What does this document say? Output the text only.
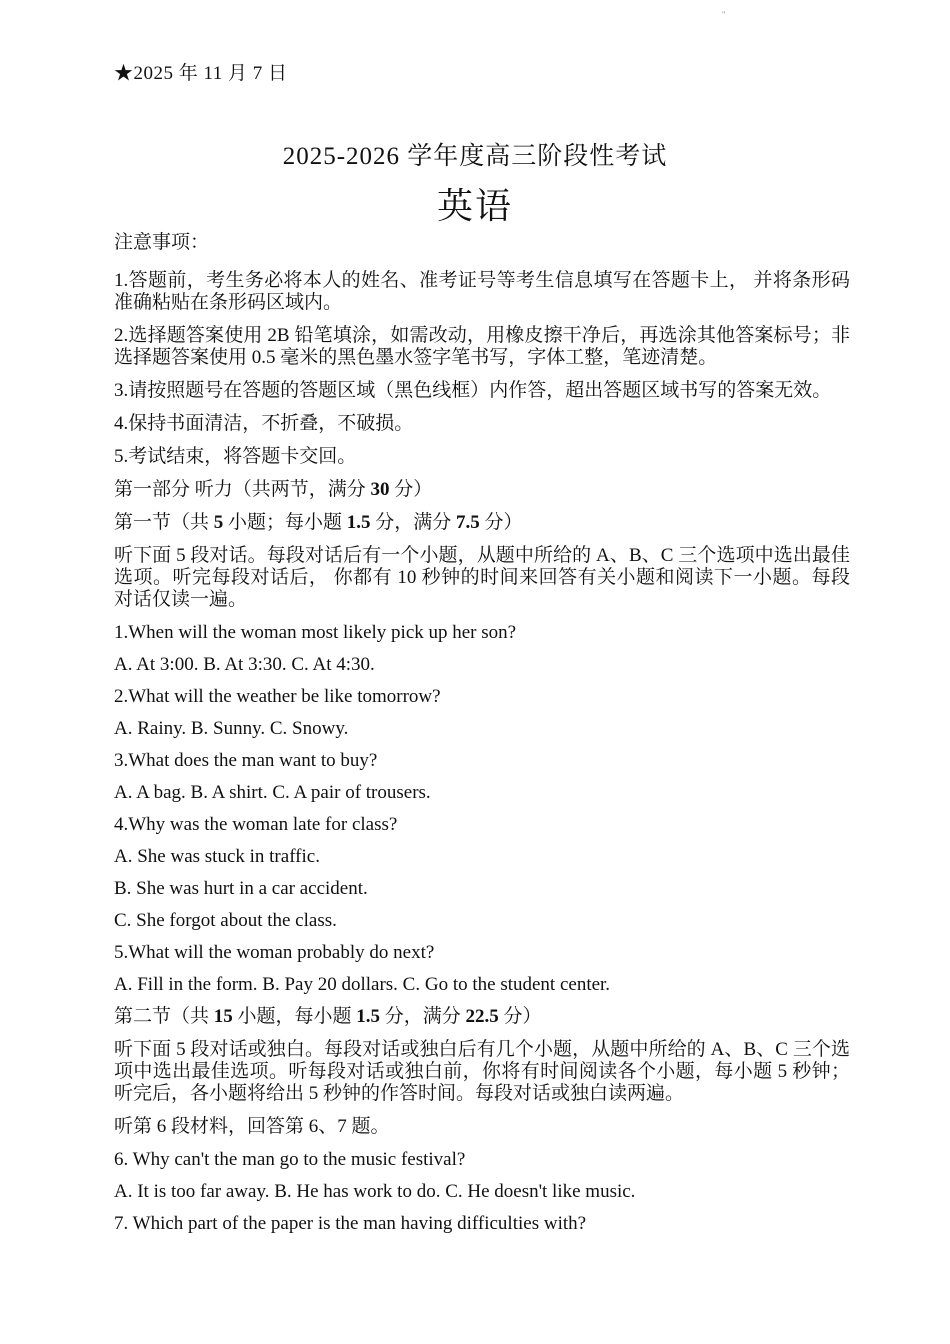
"
★2025 年 11 月 7 日
2025-2026 学年度高三阶段性考试
英语
注意事项：
1.答题前，考生务必将本人的姓名、准考证号等考生信息填写在答题卡上， 并将条形码准确粘贴在条形码区域内。
2.选择题答案使用 2B 铅笔填涂，如需改动，用橡皮擦干净后，再选涂其他答案标号；非选择题答案使用 0.5 毫米的黑色墨水签字笔书写，字体工整，笔迹清楚。
3.请按照题号在答题的答题区域（黑色线框）内作答，超出答题区域书写的答案无效。
4.保持书面清洁，不折叠，不破损。
5.考试结束，将答题卡交回。
第一部分 听力（共两节，满分 30 分）
第一节（共 5 小题；每小题 1.5 分，满分 7.5 分）
听下面 5 段对话。每段对话后有一个小题，从题中所给的 A、B、C 三个选项中选出最佳选项。听完每段对话后， 你都有 10 秒钟的时间来回答有关小题和阅读下一小题。每段对话仅读一遍。
1.When will the woman most likely pick up her son?
A. At 3:00. B. At 3:30. C. At 4:30.
2.What will the weather be like tomorrow?
A. Rainy. B. Sunny. C. Snowy.
3.What does the man want to buy?
A. A bag. B. A shirt. C. A pair of trousers.
4.Why was the woman late for class?
A. She was stuck in traffic.
B. She was hurt in a car accident.
C. She forgot about the class.
5.What will the woman probably do next?
A. Fill in the form. B. Pay 20 dollars. C. Go to the student center.
第二节（共 15 小题，每小题 1.5 分，满分 22.5 分）
听下面 5 段对话或独白。每段对话或独白后有几个小题，从题中所给的 A、B、C 三个选项中选出最佳选项。听每段对话或独白前，你将有时间阅读各个小题，每小题 5 秒钟；听完后，各小题将给出 5 秒钟的作答时间。每段对话或独白读两遍。
听第 6 段材料，回答第 6、7 题。
6. Why can't the man go to the music festival?
A. It is too far away. B. He has work to do. C. He doesn't like music.
7. Which part of the paper is the man having difficulties with?
